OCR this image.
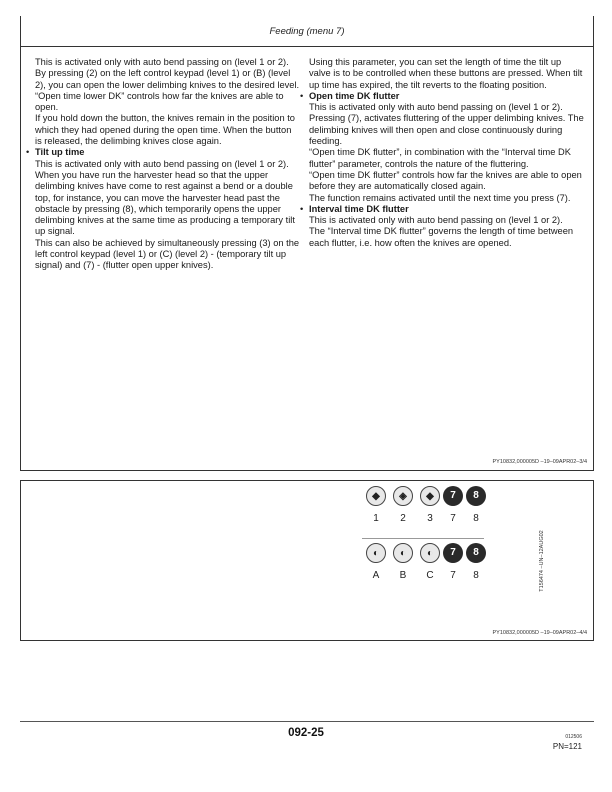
Feeding (menu 7)

This is activated only with auto bend passing on (level 1 or 2).

By pressing (2) on the left control keypad (level 1) or (B) (level 2), you can open the lower delimbing knives to the desired level. “Open time lower DK” controls how far the knives are able to open.

If you hold down the button, the knives remain in the position to which they had opened during the open time. When the button is released, the delimbing knives close again.

• Tilt up time

This is activated only with auto bend passing on (level 1 or 2).

When you have run the harvester head so that the upper delimbing knives have come to rest against a bend or a double top, for instance, you can move the harvester head past the obstacle by pressing (8), which temporarily opens the upper delimbing knives at the same time as producing a temporary tilt up signal.

This can also be achieved by simultaneously pressing (3) on the left control keypad (level 1) or (C) (level 2) - (temporary tilt up signal) and (7) - (flutter open upper knives).

Using this parameter, you can set the length of time the tilt up valve is to be controlled when these buttons are pressed. When tilt up time has expired, the tilt reverts to the floating position.

• Open time DK flutter

This is activated only with auto bend passing on (level 1 or 2).

Pressing (7), activates fluttering of the upper delimbing knives. The delimbing knives will then open and close continuously during feeding.

“Open time DK flutter”, in combination with the “Interval time DK flutter” parameter, controls the nature of the fluttering.

“Open time DK flutter” controls how far the knives are able to open before they are automatically closed again.

The function remains activated until the next time you press (7).

• Interval time DK flutter

This is activated only with auto bend passing on (level 1 or 2).

The “Interval time DK flutter” governs the length of time between each flutter, i.e. how often the knives are opened.

PY10832,000005D –19–09APR02–3/4
PY10832,000005D –19–09APR02–4/4
T156474 –UN–12AUG02
092-25	012506
PN=121
◆
1
◈
2
◆
3
7
7
8
8
◐
A
◐
B
◐
C
7
7
8
8
